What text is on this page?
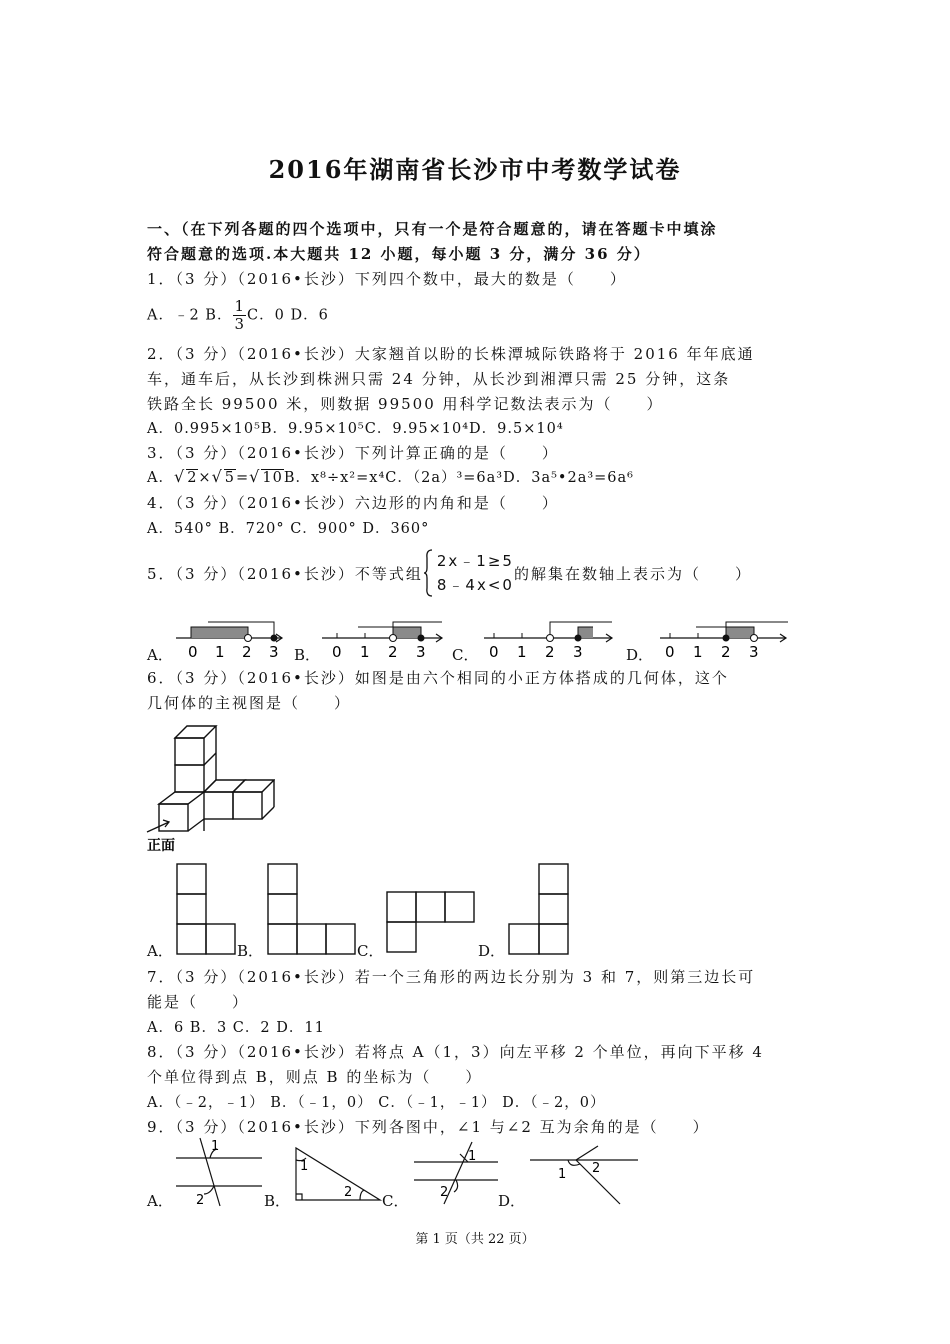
2016年湖南省长沙市中考数学试卷
一、（在下列各题的四个选项中，只有一个是符合题意的，请在答题卡中填涂
符合题意的选项.本大题共 12 小题，每小题 3 分，满分 36 分）
1．（3 分）（2016•长沙）下列四个数中，最大的数是（　　）
A．﹣2 B． $\frac{1}{3}$ C．0 D．6
2．（3 分）（2016•长沙）大家翘首以盼的长株潭城际铁路将于 2016 年年底通
车，通车后，从长沙到株洲只需 24 分钟，从长沙到湘潭只需 25 分钟，这条
铁路全长 99500 米，则数据 99500 用科学记数法表示为（　　）
A．0.995×10⁵B．9.95×10⁵C．9.95×10⁴D．9.5×10⁴
3．（3 分）（2016•长沙）下列计算正确的是（　　）
A．√ 2×√ 5=√ 10B．x⁸÷x²=x⁴C．（2a）³=6a³D．3a⁵•2a³=6a⁶
4．（3 分）（2016•长沙）六边形的内角和是（　　）
A．540° B．720° C．900° D．360°
5．（3 分）（2016•长沙）不等式组
2x﹣1≥5
8﹣4x<0
的解集在数轴上表示为（　　）
A． 0 1 2 3 B． 0 1 2 3 C． 0 1 2 3	D． 0 1 2 3
6．（3 分）（2016•长沙）如图是由六个相同的小正方体搭成的几何体，这个
几何体的主视图是（　　）
正面
A．	B．	C．	D．
7．（3 分）（2016•长沙）若一个三角形的两边长分别为 3 和 7，则第三边长可
能是（　　）
A．6 B．3 C．2 D．11
8．（3 分）（2016•长沙）若将点 A（1，3）向左平移 2 个单位，再向下平移 4
个单位得到点 B，则点 B 的坐标为（　　）
A．（﹣2，﹣1） B．（﹣1，0） C．（﹣1，﹣1） D．（﹣2，0）
9．（3 分）（2016•长沙）下列各图中，∠1 与∠2 互为余角的是（　　）
A．
1
2	B．
1
2 C．
1
2	D．
1 2
第 1 页（共 22 页）
